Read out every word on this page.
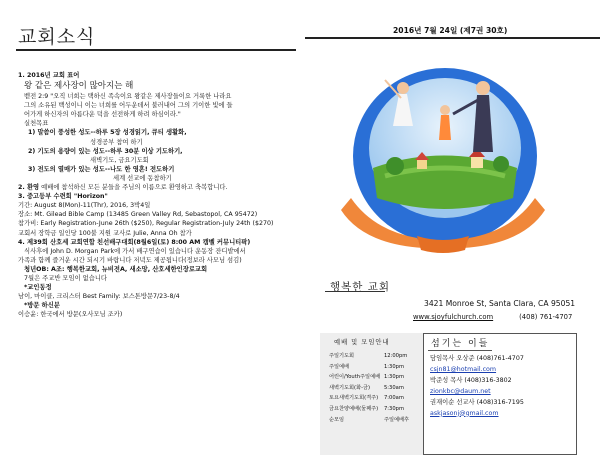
교회소식

1. 2016년 교회 표어

왕 같은 제사장이 많아지는 해

벧전 2:9 "오직 너희는 택하신 족속이요 왕같은 제사장들이요 거룩한 나라요

그의 소유된 백성이니 이는 너희를 어두운데서 불러내어 그의 기이한 빛에 들

어가게 하신자의 아름다운 덕을 선전하게 하려 하심이라."

실천목표

1) 말씀이 풍성한 성도--하루 5장 성경읽기, 큐티 생활화,

성경공부 참여 하기

2) 기도의 용량이 있는 성도--하루 30분 이상 기도하기,

새벽기도, 금요기도회

3) 전도의 열매가 있는 성도--나도 한 영혼! 전도하기

세계 선교에 동참하기

2. 환영 예배에 참석하신 모든 분들을 주님의 이름으로 환영하고 축복합니다.

3. 중고등부 수련회 "Horizon"

기간: August 8(Mon)-11(Thr), 2016, 3박4일

장소: Mt. Gilead Bible Camp (13485 Green Valley Rd, Sebastopol, CA 95472)

참가비: Early Registration-June 26th ($250), Regular Registration-July 24th ($270)

교회서 장학금 일인당 100불 지원 교사로 Julie, Anna Oh 참가

4. 제39회 산호세 교회연합 친선배구대회(8월6일(토) 8:00 AM 캠벨 커뮤니티팍)

식사후에 John D. Morgan Park에 가서 배구연습이 있습니다 운동장 잔디밭에서

가족과 함께 즐거운 시간 되시기 바랍니다 저녁도 제공됩니다(정보라 사모님 섬김)

청년OB: A조: 행복한교회, 뉴비전A, 새소망, 산호세한인장로교회

7월은 주교반 모임이 없습니다

*교인동정

남이, 마이클, 크리스터 Best Family: 보스톤방문7/23-8/4

*방문 하신분

이승윤: 한국에서 방문(오사모님 조카)

2016년 7월 24일 (제7권 30호)
행복한 교회
3421 Monroe St, Santa Clara, CA 95051
www.sjoyfulchurch.com	(408) 761-4707
예배 및 모임안내
주일기도회	12:00pm
주일예배	1:30pm
어린이/Youth주일예배 1:30pm
새벽기도회(화-금)	5:30am
토요새벽기도회(격주) 7:00am
금요찬양예배(둘째주) 7:30pm
순모임	주일예배후
섬기는 이들
담임목사 오상준 (408)761-4707
csjn81@hotmail.com
박준성 목사 (408)316-3802
zionkbc@daum.net
권재이순 선교사 (408)316-7195
askjasonj@gmail.com
